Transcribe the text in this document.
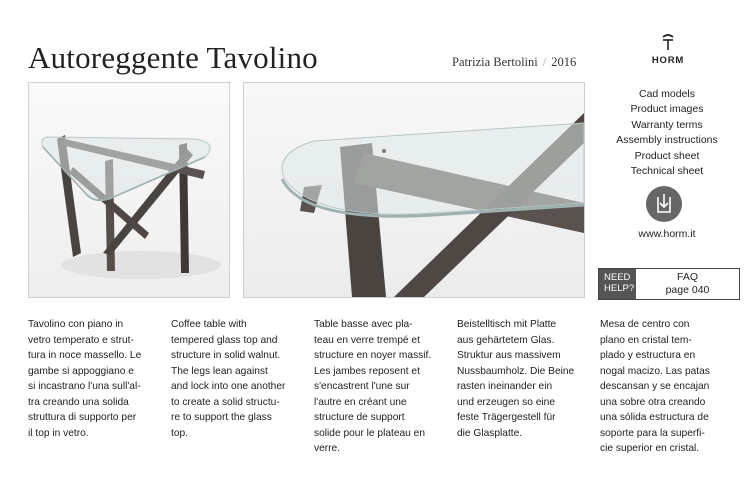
Autoreggente Tavolino	Patrizia Bertolini / 2016	HORM
Cad models
Product images
Warranty terms
Assembly instructions
Product sheet
Technical sheet
www.horm.it
NEED
HELP?
FAQ
page 040
Tavolino con piano in
vetro temperato e strut-
tura in noce massello. Le
gambe si appoggiano e
si incastrano l'una sull'al-
tra creando una solida
struttura di supporto per
il top in vetro.
Coffee table with
tempered glass top and
structure in solid walnut.
The legs lean against
and lock into one another
to create a solid structu-
re to support the glass
top.
Table basse avec pla-
teau en verre trempé et
structure en noyer massif.
Les jambes reposent et
s'encastrent l'une sur
l'autre en créant une
structure de support
solide pour le plateau en
verre.
Beistelltisch mit Platte
aus gehärtetem Glas.
Struktur aus massivem
Nussbaumholz. Die Beine
rasten ineinander ein
und erzeugen so eine
feste Trägergestell für
die Glasplatte.
Mesa de centro con
plano en cristal tem-
plado y estructura en
nogal macizo. Las patas
descansan y se encajan
una sobre otra creando
una sólida estructura de
soporte para la superfi-
cie superior en cristal.
